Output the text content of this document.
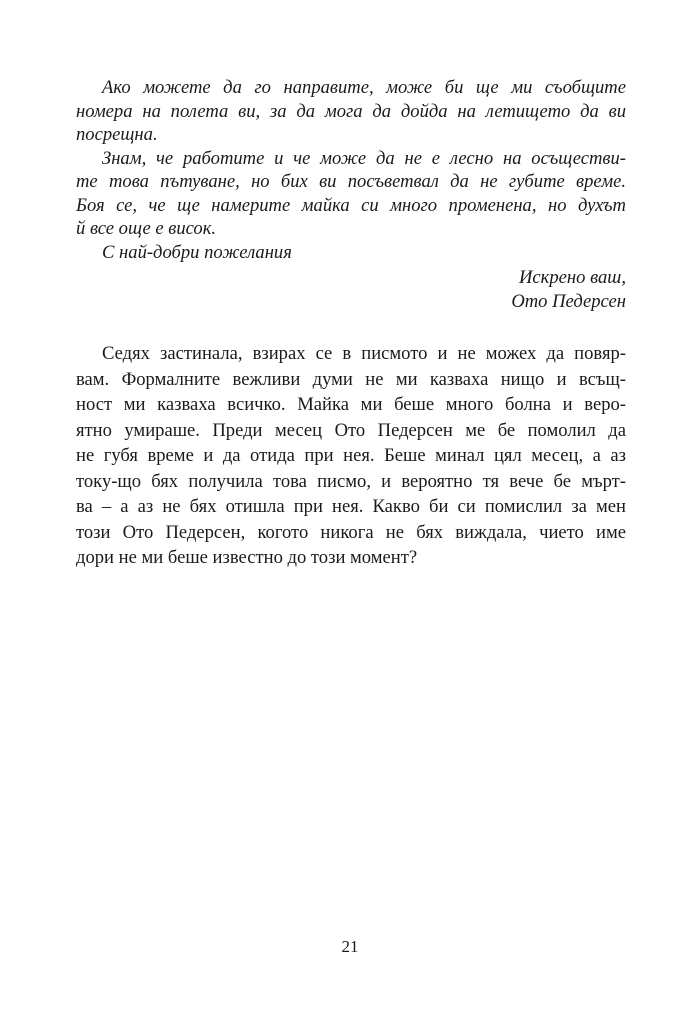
Ако можете да го направите, може би ще ми съобщите
номера на полета ви, за да мога да дойда на летището да ви
посрещна.
Знам, че работите и че може да не е лесно на осъществи-
те това пътуване, но бих ви посъветвал да не губите време.
Боя се, че ще намерите майка си много променена, но духът
й все още е висок.
С най-добри пожелания
Искрено ваш,
Ото Педерсен
Седях застинала, взирах се в писмото и не можех да повяр-
вам. Формалните вежливи думи не ми казваха нищо и всъщ-
ност ми казваха всичко. Майка ми беше много болна и веро-
ятно умираше. Преди месец Ото Педерсен ме бе помолил да
не губя време и да отида при нея. Беше минал цял месец, а аз
току-що бях получила това писмо, и вероятно тя вече бе мърт-
ва – а аз не бях отишла при нея. Какво би си помислил за мен
този Ото Педерсен, когото никога не бях виждала, чието име
дори не ми беше известно до този момент?
21
